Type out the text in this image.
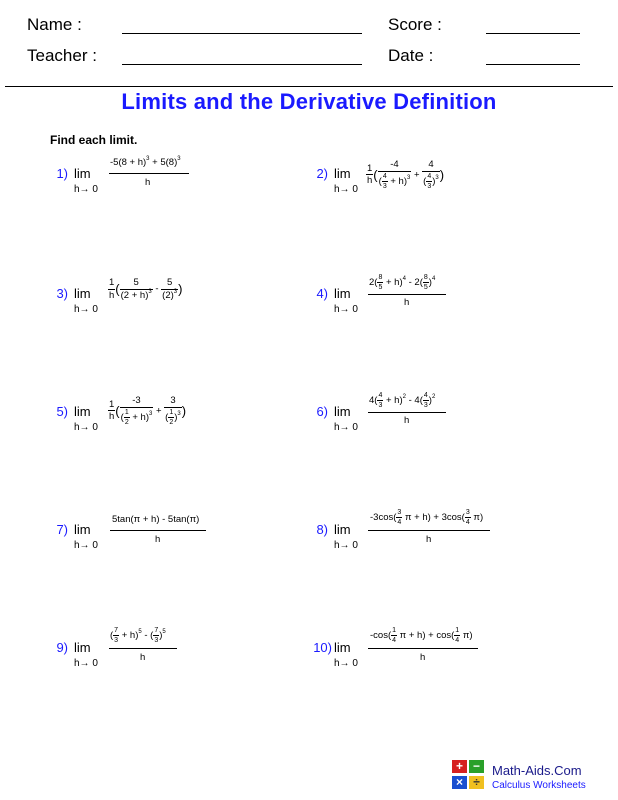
Name :	Score :
Teacher :	Date :
Limits and the Derivative Definition
Find each limit.
1) lim
h→ 0
$-5(8 + h)^3 + 5(8)^3$
h
2) lim
h→ 0
$\frac{1}{h}$ ( $\frac{-4}{( \frac{4}{3} + h)^3} + \frac{4}{( \frac{4}{3} )^3}$ )
3) lim
h→ 0
$\frac{1}{h}$ ( $\frac{5}{(2 + h)^3} - \frac{5}{(2)^3}$ )	4) lim
h→ 0
$2( \frac{8}{5} + h)^4 - 2( \frac{8}{5} )^4$
h
5) lim
h→ 0
$\frac{1}{h}$ ( $\frac{-3}{( \frac{1}{2} + h)^3} + \frac{3}{( \frac{1}{2} )^3}$ )	6) lim
h→ 0
$4( \frac{4}{3} + h)^2 - 4( \frac{4}{3} )^2$
h
7) lim
h→ 0
5tan(π + h) - 5tan(π)
h
8) lim
h→ 0
$-3\cos( \frac{3}{4}$ $\pi + h) + 3\cos( \frac{3}{4} \pi)$
h
9) lim
h→ 0
( $\frac{7}{3} + h)^5$ - ( $\frac{7}{3} )^5$
h
10) lim
h→ 0
$-\cos( \frac{1}{4}$ $\pi + h) + \cos( \frac{1}{4} \pi)$
h
+ −
× ÷
Math-Aids.Com
Calculus Worksheets
